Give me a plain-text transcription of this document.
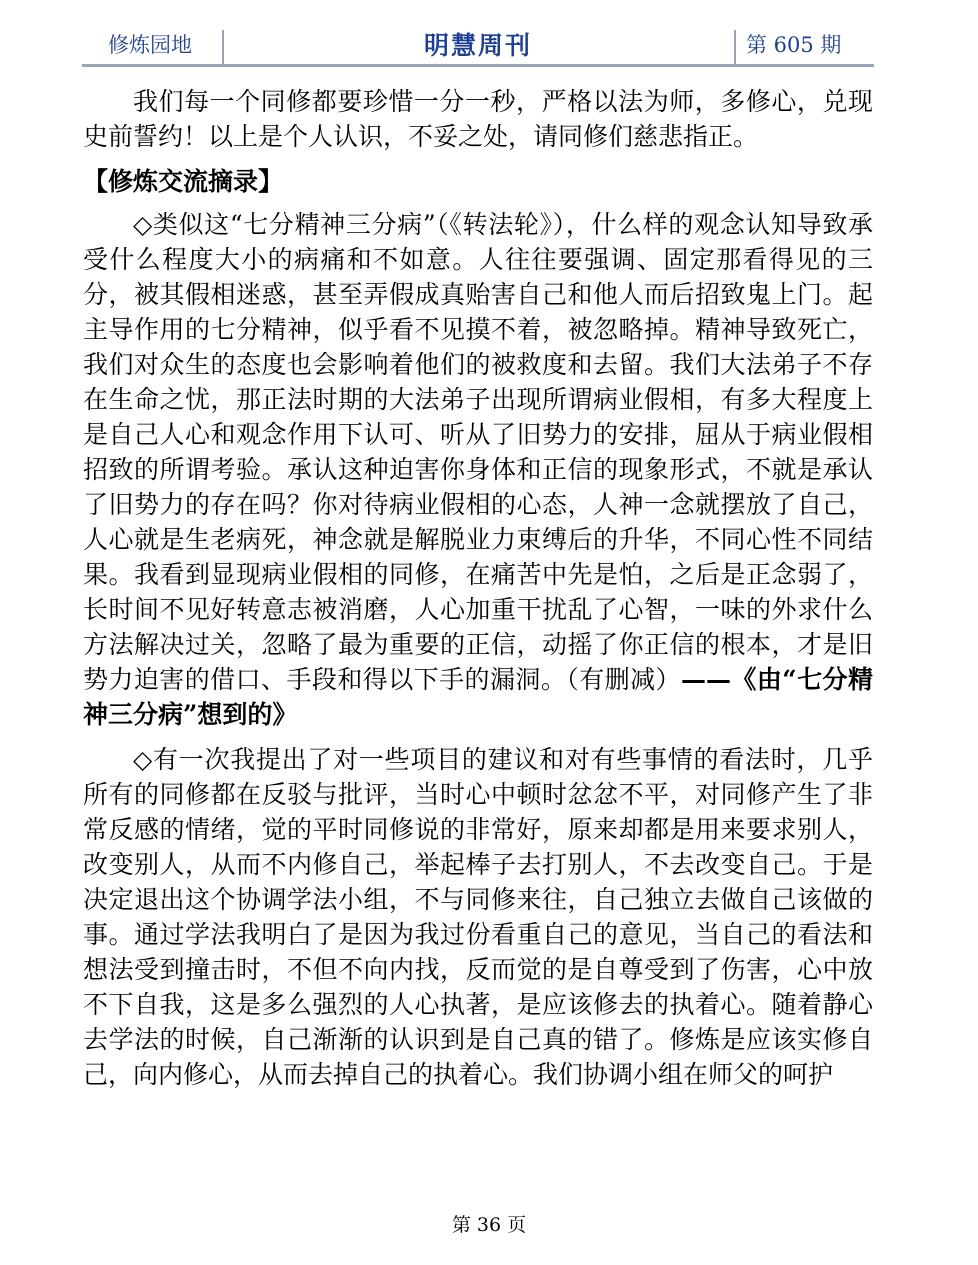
修炼园地	明慧周刊	第 605 期

我们每一个同修都要珍惜一分一秒，严格以法为师，多修心，兑现史前誓约！以上是个人认识，不妥之处，请同修们慈悲指正。

【修炼交流摘录】

◇类似这“七分精神三分病”（《转法轮》），什么样的观念认知导致承受什么程度大小的病痛和不如意。人往往要强调、固定那看得见的三分，被其假相迷惑，甚至弄假成真贻害自己和他人而后招致鬼上门。起主导作用的七分精神，似乎看不见摸不着，被忽略掉。精神导致死亡，我们对众生的态度也会影响着他们的被救度和去留。我们大法弟子不存在生命之忧，那正法时期的大法弟子出现所谓病业假相，有多大程度上是自己人心和观念作用下认可、听从了旧势力的安排，屈从于病业假相招致的所谓考验。承认这种迫害你身体和正信的现象形式，不就是承认了旧势力的存在吗？你对待病业假相的心态，人神一念就摆放了自己，人心就是生老病死，神念就是解脱业力束缚后的升华，不同心性不同结果。我看到显现病业假相的同修，在痛苦中先是怕，之后是正念弱了，长时间不见好转意志被消磨，人心加重干扰乱了心智，一味的外求什么方法解决过关，忽略了最为重要的正信，动摇了你正信的根本，才是旧势力迫害的借口、手段和得以下手的漏洞。（有删减）——《由“七分精神三分病”想到的》

◇有一次我提出了对一些项目的建议和对有些事情的看法时，几乎所有的同修都在反驳与批评，当时心中顿时忿忿不平，对同修产生了非常反感的情绪，觉的平时同修说的非常好，原来却都是用来要求别人，改变别人，从而不内修自己，举起棒子去打别人，不去改变自己。于是决定退出这个协调学法小组，不与同修来往，自己独立去做自己该做的事。通过学法我明白了是因为我过份看重自己的意见，当自己的看法和想法受到撞击时，不但不向内找，反而觉的是自尊受到了伤害，心中放不下自我，这是多么强烈的人心执著，是应该修去的执着心。随着静心去学法的时候，自己渐渐的认识到是自己真的错了。修炼是应该实修自己，向内修心，从而去掉自己的执着心。我们协调小组在师父的呵护

第 36 页
